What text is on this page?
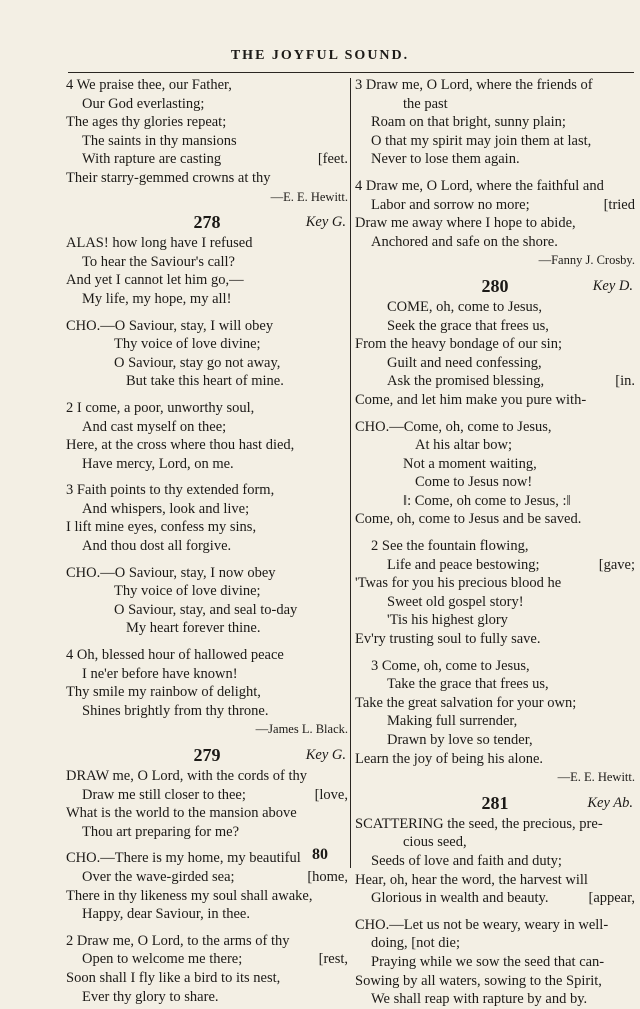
THE JOYFUL SOUND.
4 We praise thee, our Father,
Our God everlasting;
The ages thy glories repeat;
The saints in thy mansions
With rapture are casting	[feet.
Their starry-gemmed crowns at thy
—E. E. Hewitt.
278	Key G.
ALAS! how long have I refused
To hear the Saviour's call?
And yet I cannot let him go,—
My life, my hope, my all!
CHO.—O Saviour, stay, I will obey
Thy voice of love divine;
O Saviour, stay go not away,
But take this heart of mine.
2 I come, a poor, unworthy soul,
And cast myself on thee;
Here, at the cross where thou hast died,
Have mercy, Lord, on me.
3 Faith points to thy extended form,
And whispers, look and live;
I lift mine eyes, confess my sins,
And thou dost all forgive.
CHO.—O Saviour, stay, I now obey
Thy voice of love divine;
O Saviour, stay, and seal to-day
My heart forever thine.
4 Oh, blessed hour of hallowed peace
I ne'er before have known!
Thy smile my rainbow of delight,
Shines brightly from thy throne.
—James L. Black.
279	Key G.
DRAW me, O Lord, with the cords of thy
Draw me still closer to thee;	[love,
What is the world to the mansion above
Thou art preparing for me?
CHO.—There is my home, my beautiful
Over the wave-girded sea;	[home,
There in thy likeness my soul shall awake,
Happy, dear Saviour, in thee.
2 Draw me, O Lord, to the arms of thy
Open to welcome me there;	[rest,
Soon shall I fly like a bird to its nest,
Ever thy glory to share.
3 Draw me, O Lord, where the friends of
the past
Roam on that bright, sunny plain;
O that my spirit may join them at last,
Never to lose them again.
4 Draw me, O Lord, where the faithful and
Labor and sorrow no more;	[tried
Draw me away where I hope to abide,
Anchored and safe on the shore.
—Fanny J. Crosby.
280	Key D.
COME, oh, come to Jesus,
Seek the grace that frees us,
From the heavy bondage of our sin;
Guilt and need confessing,
Ask the promised blessing,	[in.
Come, and let him make you pure with-
CHO.—Come, oh, come to Jesus,
At his altar bow;
Not a moment waiting,
Come to Jesus now!
‖: Come, oh come to Jesus, :‖
Come, oh, come to Jesus and be saved.
2 See the fountain flowing,
Life and peace bestowing;	[gave;
'Twas for you his precious blood he
Sweet old gospel story!
'Tis his highest glory
Ev'ry trusting soul to fully save.
3 Come, oh, come to Jesus,
Take the grace that frees us,
Take the great salvation for your own;
Making full surrender,
Drawn by love so tender,
Learn the joy of being his alone.
—E. E. Hewitt.
281	Key Ab.
SCATTERING the seed, the precious, pre-
cious seed,
Seeds of love and faith and duty;
Hear, oh, hear the word, the harvest will
Glorious in wealth and beauty.	[appear,
CHO.—Let us not be weary, weary in well-
doing, [not die;
Praying while we sow the seed that can-
Sowing by all waters, sowing to the Spirit,
We shall reap with rapture by and by.
80
